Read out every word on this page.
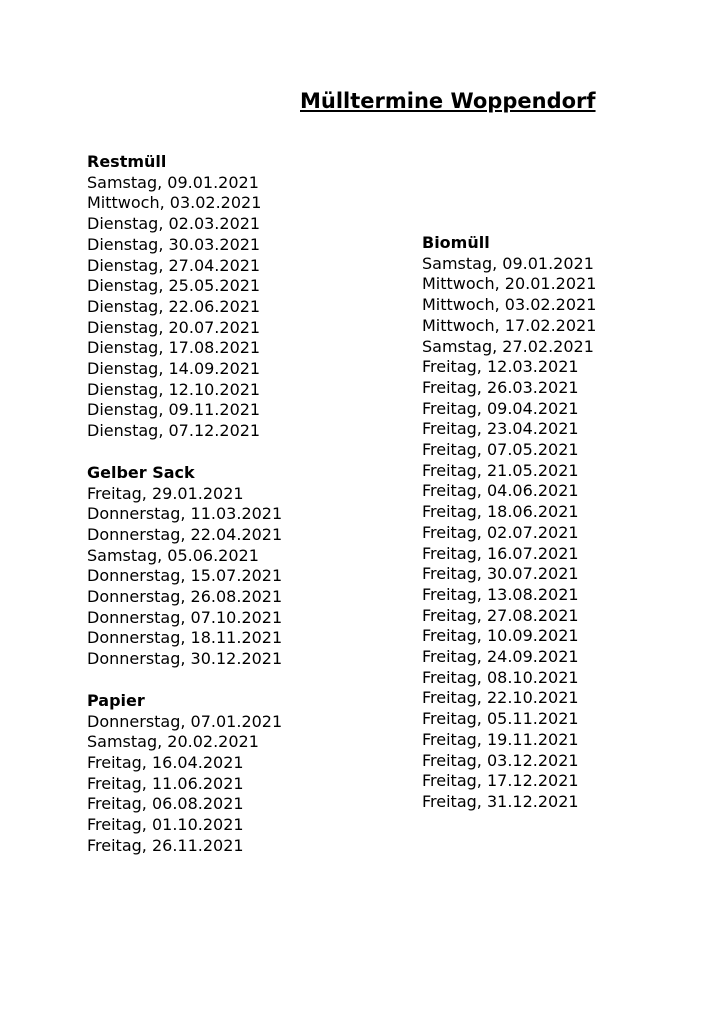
Mülltermine Woppendorf
Restmüll
Samstag, 09.01.2021
Mittwoch, 03.02.2021
Dienstag, 02.03.2021
Dienstag, 30.03.2021
Dienstag, 27.04.2021
Dienstag, 25.05.2021
Dienstag, 22.06.2021
Dienstag, 20.07.2021
Dienstag, 17.08.2021
Dienstag, 14.09.2021
Dienstag, 12.10.2021
Dienstag, 09.11.2021
Dienstag, 07.12.2021
Gelber Sack
Freitag, 29.01.2021
Donnerstag, 11.03.2021
Donnerstag, 22.04.2021
Samstag, 05.06.2021
Donnerstag, 15.07.2021
Donnerstag, 26.08.2021
Donnerstag, 07.10.2021
Donnerstag, 18.11.2021
Donnerstag, 30.12.2021
Papier
Donnerstag, 07.01.2021
Samstag, 20.02.2021
Freitag, 16.04.2021
Freitag, 11.06.2021
Freitag, 06.08.2021
Freitag, 01.10.2021
Freitag, 26.11.2021
Biomüll
Samstag, 09.01.2021
Mittwoch, 20.01.2021
Mittwoch, 03.02.2021
Mittwoch, 17.02.2021
Samstag, 27.02.2021
Freitag, 12.03.2021
Freitag, 26.03.2021
Freitag, 09.04.2021
Freitag, 23.04.2021
Freitag, 07.05.2021
Freitag, 21.05.2021
Freitag, 04.06.2021
Freitag, 18.06.2021
Freitag, 02.07.2021
Freitag, 16.07.2021
Freitag, 30.07.2021
Freitag, 13.08.2021
Freitag, 27.08.2021
Freitag, 10.09.2021
Freitag, 24.09.2021
Freitag, 08.10.2021
Freitag, 22.10.2021
Freitag, 05.11.2021
Freitag, 19.11.2021
Freitag, 03.12.2021
Freitag, 17.12.2021
Freitag, 31.12.2021
